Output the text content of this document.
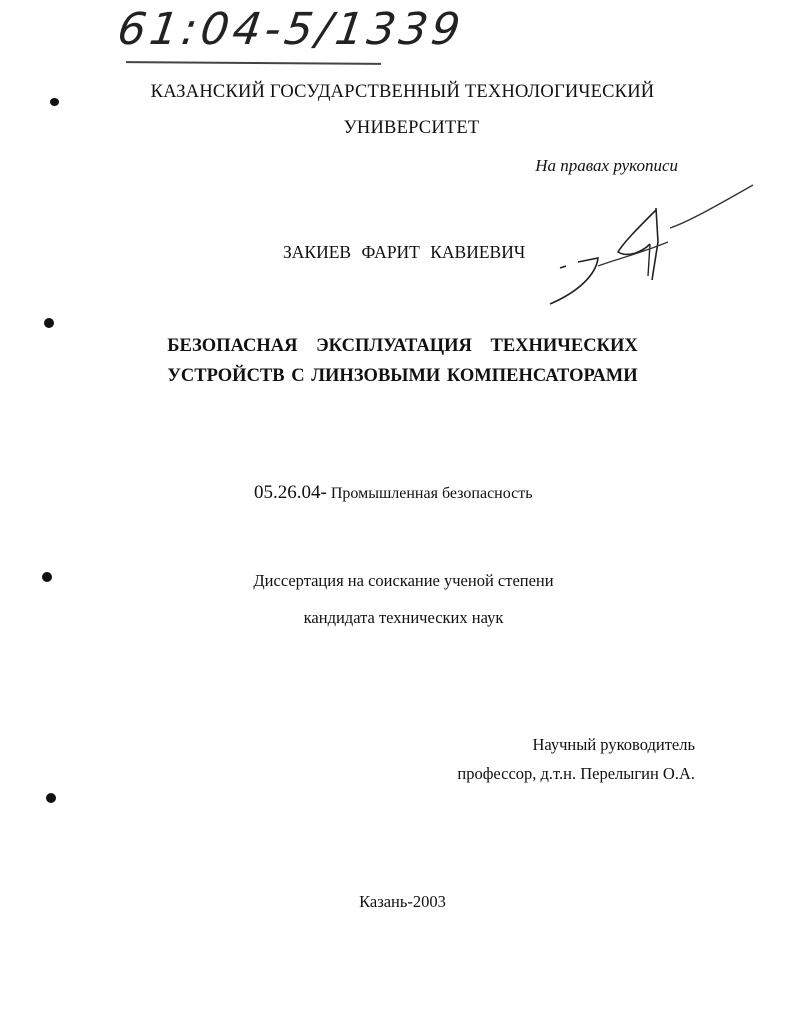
61:04-5/1339
КАЗАНСКИЙ ГОСУДАРСТВЕННЫЙ ТЕХНОЛОГИЧЕСКИЙ
УНИВЕРСИТЕТ
На правах рукописи
ЗАКИЕВ ФАРИТ КАВИЕВИЧ
БЕЗОПАСНАЯ ЭКСПЛУАТАЦИЯ ТЕХНИЧЕСКИХ
УСТРОЙСТВ С ЛИНЗОВЫМИ КОМПЕНСАТОРАМИ
05.26.04- Промышленная безопасность
Диссертация на соискание ученой степени
кандидата технических наук
Научный руководитель
профессор, д.т.н. Перелыгин О.А.
Казань-2003
